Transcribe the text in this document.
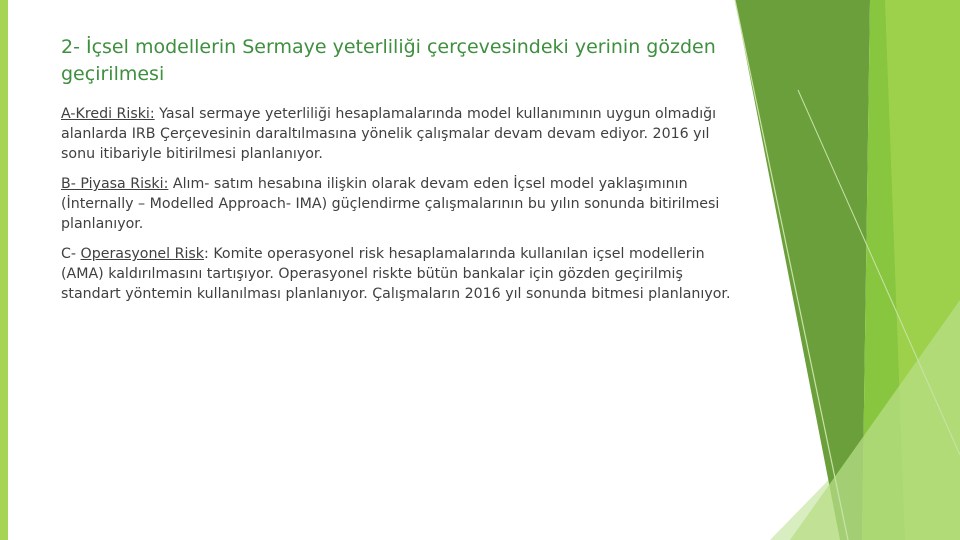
2- İçsel modellerin Sermaye yeterliliği çerçevesindeki yerinin gözden geçirilmesi

A-Kredi Riski: Yasal sermaye yeterliliği hesaplamalarında model kullanımının uygun olmadığı alanlarda IRB Çerçevesinin daraltılmasına yönelik çalışmalar devam devam ediyor. 2016 yıl sonu itibariyle bitirilmesi planlanıyor.

B- Piyasa Riski: Alım- satım hesabına ilişkin olarak devam eden İçsel model yaklaşımının (İnternally – Modelled Approach- IMA) güçlendirme çalışmalarının bu yılın sonunda bitirilmesi planlanıyor.

C- Operasyonel Risk: Komite operasyonel risk hesaplamalarında kullanılan içsel modellerin (AMA) kaldırılmasını tartışıyor. Operasyonel riskte bütün bankalar için gözden geçirilmiş standart yöntemin kullanılması planlanıyor. Çalışmaların 2016 yıl sonunda bitmesi planlanıyor.
